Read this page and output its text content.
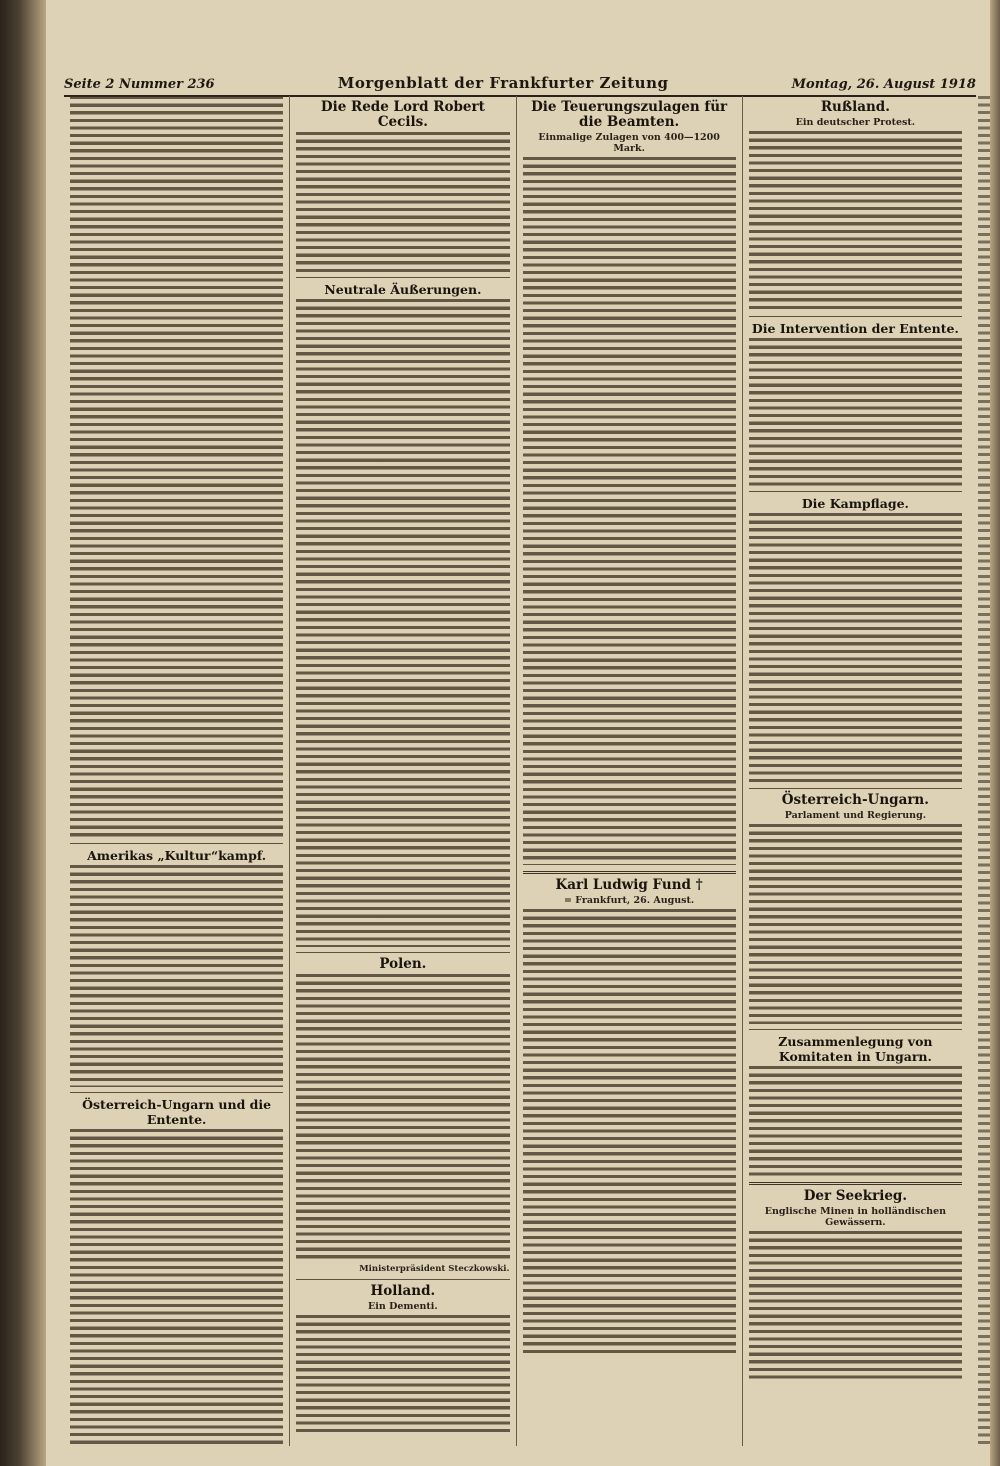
Seite 2 Nummer 236	Morgenblatt der Frankfurter Zeitung	Montag, 26. August 1918
Amerikas „Kultur“kampf.
Österreich-Ungarn und die Entente.
Die Rede Lord Robert Cecils.
Neutrale Äußerungen.
Polen.
Ministerpräsident Steczkowski.
Holland.
Ein Dementi.
Die Teuerungszulagen für die Beamten.
Einmalige Zulagen von 400—1200 Mark.
Karl Ludwig Fund †
= Frankfurt, 26. August.
Rußland.
Ein deutscher Protest.
Die Intervention der Entente.
Die Kampflage.
Österreich-Ungarn.
Parlament und Regierung.
Zusammenlegung von Komitaten in Ungarn.
Der Seekrieg.
Englische Minen in holländischen Gewässern.
